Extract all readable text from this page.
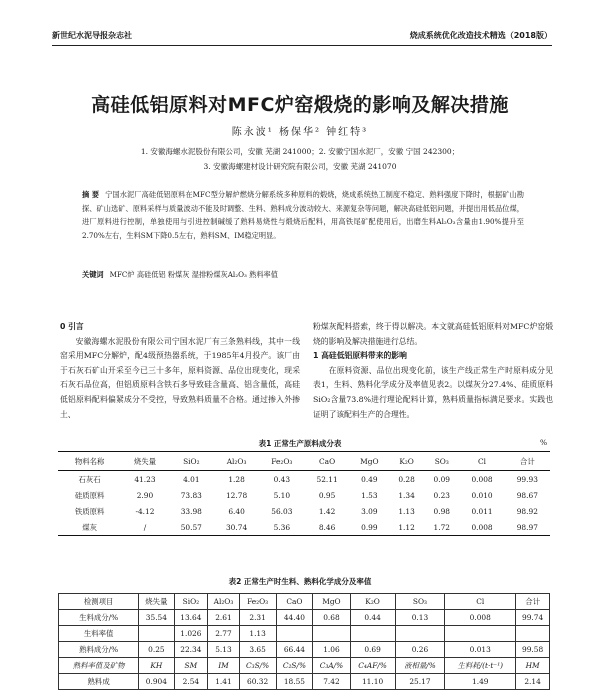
新世纪水泥导报杂志社	烧成系统优化改造技术精选（2018版）
高硅低铝原料对MFC炉窑煅烧的影响及解决措施
陈永波¹ 杨保华² 钟红特³
1. 安徽海螺水泥股份有限公司，安徽 芜湖 241000；2. 安徽宁国水泥厂，安徽 宁国 242300；
3. 安徽海螺建材设计研究院有限公司，安徽 芜湖 241070
摘 要 宁国水泥厂高硅低铝原料在MFC型分解炉燃烧分解系统多种原料的煅烧，烧成系统热工制度不稳定、熟料强度下降时，根据矿山勘探、矿山选矿、原料采样与质量波动不能及时调整、生料、熟料成分波动较大、来源复杂等问题，解决高硅低铝问题，并提出用低品位煤，进厂原料进行控制，单独使用与引进控制碱缓了熟料易烧性与煅烧后配料，用高铁尾矿配使用后，出磨生料Al₂O₃含量由1.90%提升至2.70%左右，生料SM下降0.5左右，熟料SM、IM稳定明显。
关键词 MFC炉 高硅低铝 粉煤灰 湿排粉煤灰Al₂O₃ 熟料率值
0 引言
安徽海螺水泥股份有限公司宁国水泥厂有三条熟料线，其中一线窑采用MFC分解炉，配4级预热器系统，于1985年4月投产。该厂由于石灰石矿山开采至今已三十多年，原料资源、品位出现变化，现采石灰石品位高，但铝质原料含铁石多导致硅含量高、铝含量低，高硅低铝原料配料偏紧成分不受控，导致熟料质量不合格。通过掺入外掺土、
粉煤灰配料搭索，终于得以解决。本文就高硅低铝原料对MFC炉窑煅烧的影响及解决措施进行总结。
1 高硅低铝原料带来的影响
在原料资源、品位出现变化前，该生产线正常生产时原料成分见表1，生料、熟料化学成分及率值见表2。以煤灰分27.4%、硅质原料SiO₂含量73.8%进行理论配料计算，熟料质量指标满足要求。实践也证明了该配料生产的合理性。
表1 正常生产原料成分表	%
物料名称	烧失量	SiO₂	Al₂O₃	Fe₂O₃	CaO	MgO	K₂O	SO₃	Cl	合计
石灰石	41.23	4.01	1.28	0.43	52.11	0.49	0.28	0.09	0.008	99.93
硅质原料	2.90	73.83	12.78	5.10	0.95	1.53	1.34	0.23	0.010	98.67
铁质原料	-4.12	33.98	6.40	56.03	1.42	3.09	1.13	0.98	0.011	98.92
煤灰	/	50.57	30.74	5.36	8.46	0.99	1.12	1.72	0.008	98.97
表2 正常生产时生料、熟料化学成分及率值
检测项目	烧失量	SiO₂	Al₂O₃	Fe₂O₃	CaO	MgO	K₂O	SO₃	Cl	合计
生料成分/%	35.54	13.64	2.61	2.31	44.40	0.68	0.44	0.13	0.008	99.74
生料率值		1.026	2.77	1.13						
熟料成分/%	0.25	22.34	5.13	3.65	66.44	1.06	0.69	0.26	0.013	99.58
熟料率值及矿物	KH	SM	IM	C₃S/%	C₂S/%	C₃A/%	C₄AF/%	液相量/%	生料耗/(t·t⁻¹)	HM
熟料成	0.904	2.54	1.41	60.32	18.55	7.42	11.10	25.17	1.49	2.14
